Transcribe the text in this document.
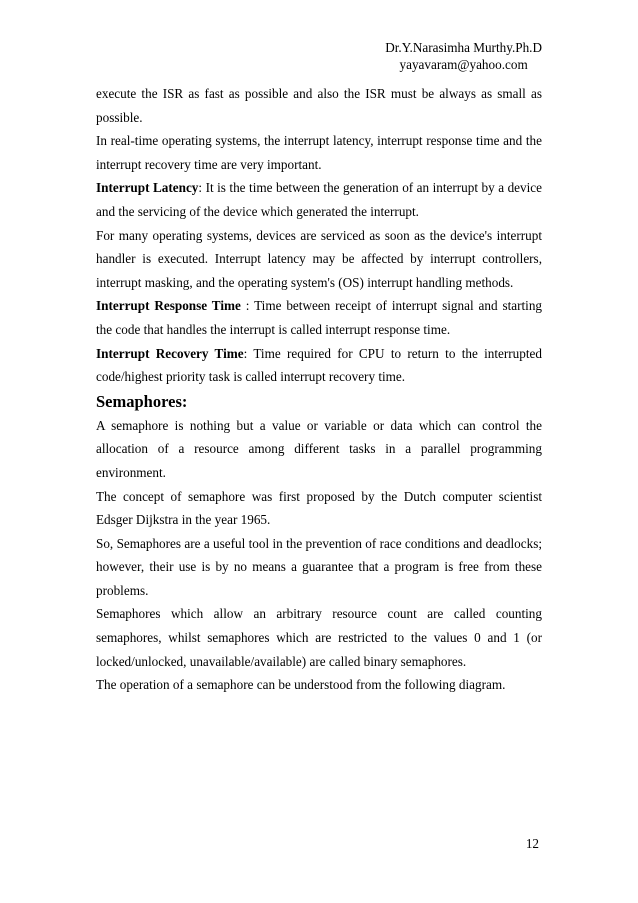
Dr.Y.Narasimha Murthy.Ph.D
yayavaram@yahoo.com

execute the ISR as fast as possible and also the ISR must be always as small as possible.

In real-time operating systems, the interrupt latency, interrupt response time and the interrupt recovery time are very important.

Interrupt Latency: It is the time between the generation of an interrupt by a device and the servicing of the device which generated the interrupt.

For many operating systems, devices are serviced as soon as the device's interrupt handler is executed. Interrupt latency may be affected by interrupt controllers, interrupt masking, and the operating system's (OS) interrupt handling methods.

Interrupt Response Time : Time between receipt of interrupt signal and starting the code that handles the interrupt is called interrupt response time.

Interrupt Recovery Time: Time required for CPU to return to the interrupted code/highest priority task is called interrupt recovery time.

Semaphores:

A semaphore is nothing but a value or variable or data which can control the allocation of a resource among different tasks in a parallel programming environment.

The concept of semaphore was first proposed by the Dutch computer scientist Edsger Dijkstra in the year 1965.

So, Semaphores are a useful tool in the prevention of race conditions and deadlocks; however, their use is by no means a guarantee that a program is free from these problems.

Semaphores which allow an arbitrary resource count are called counting semaphores, whilst semaphores which are restricted to the values 0 and 1 (or locked/unlocked, unavailable/available) are called binary semaphores.

The operation of a semaphore can be understood from the following diagram.

12
